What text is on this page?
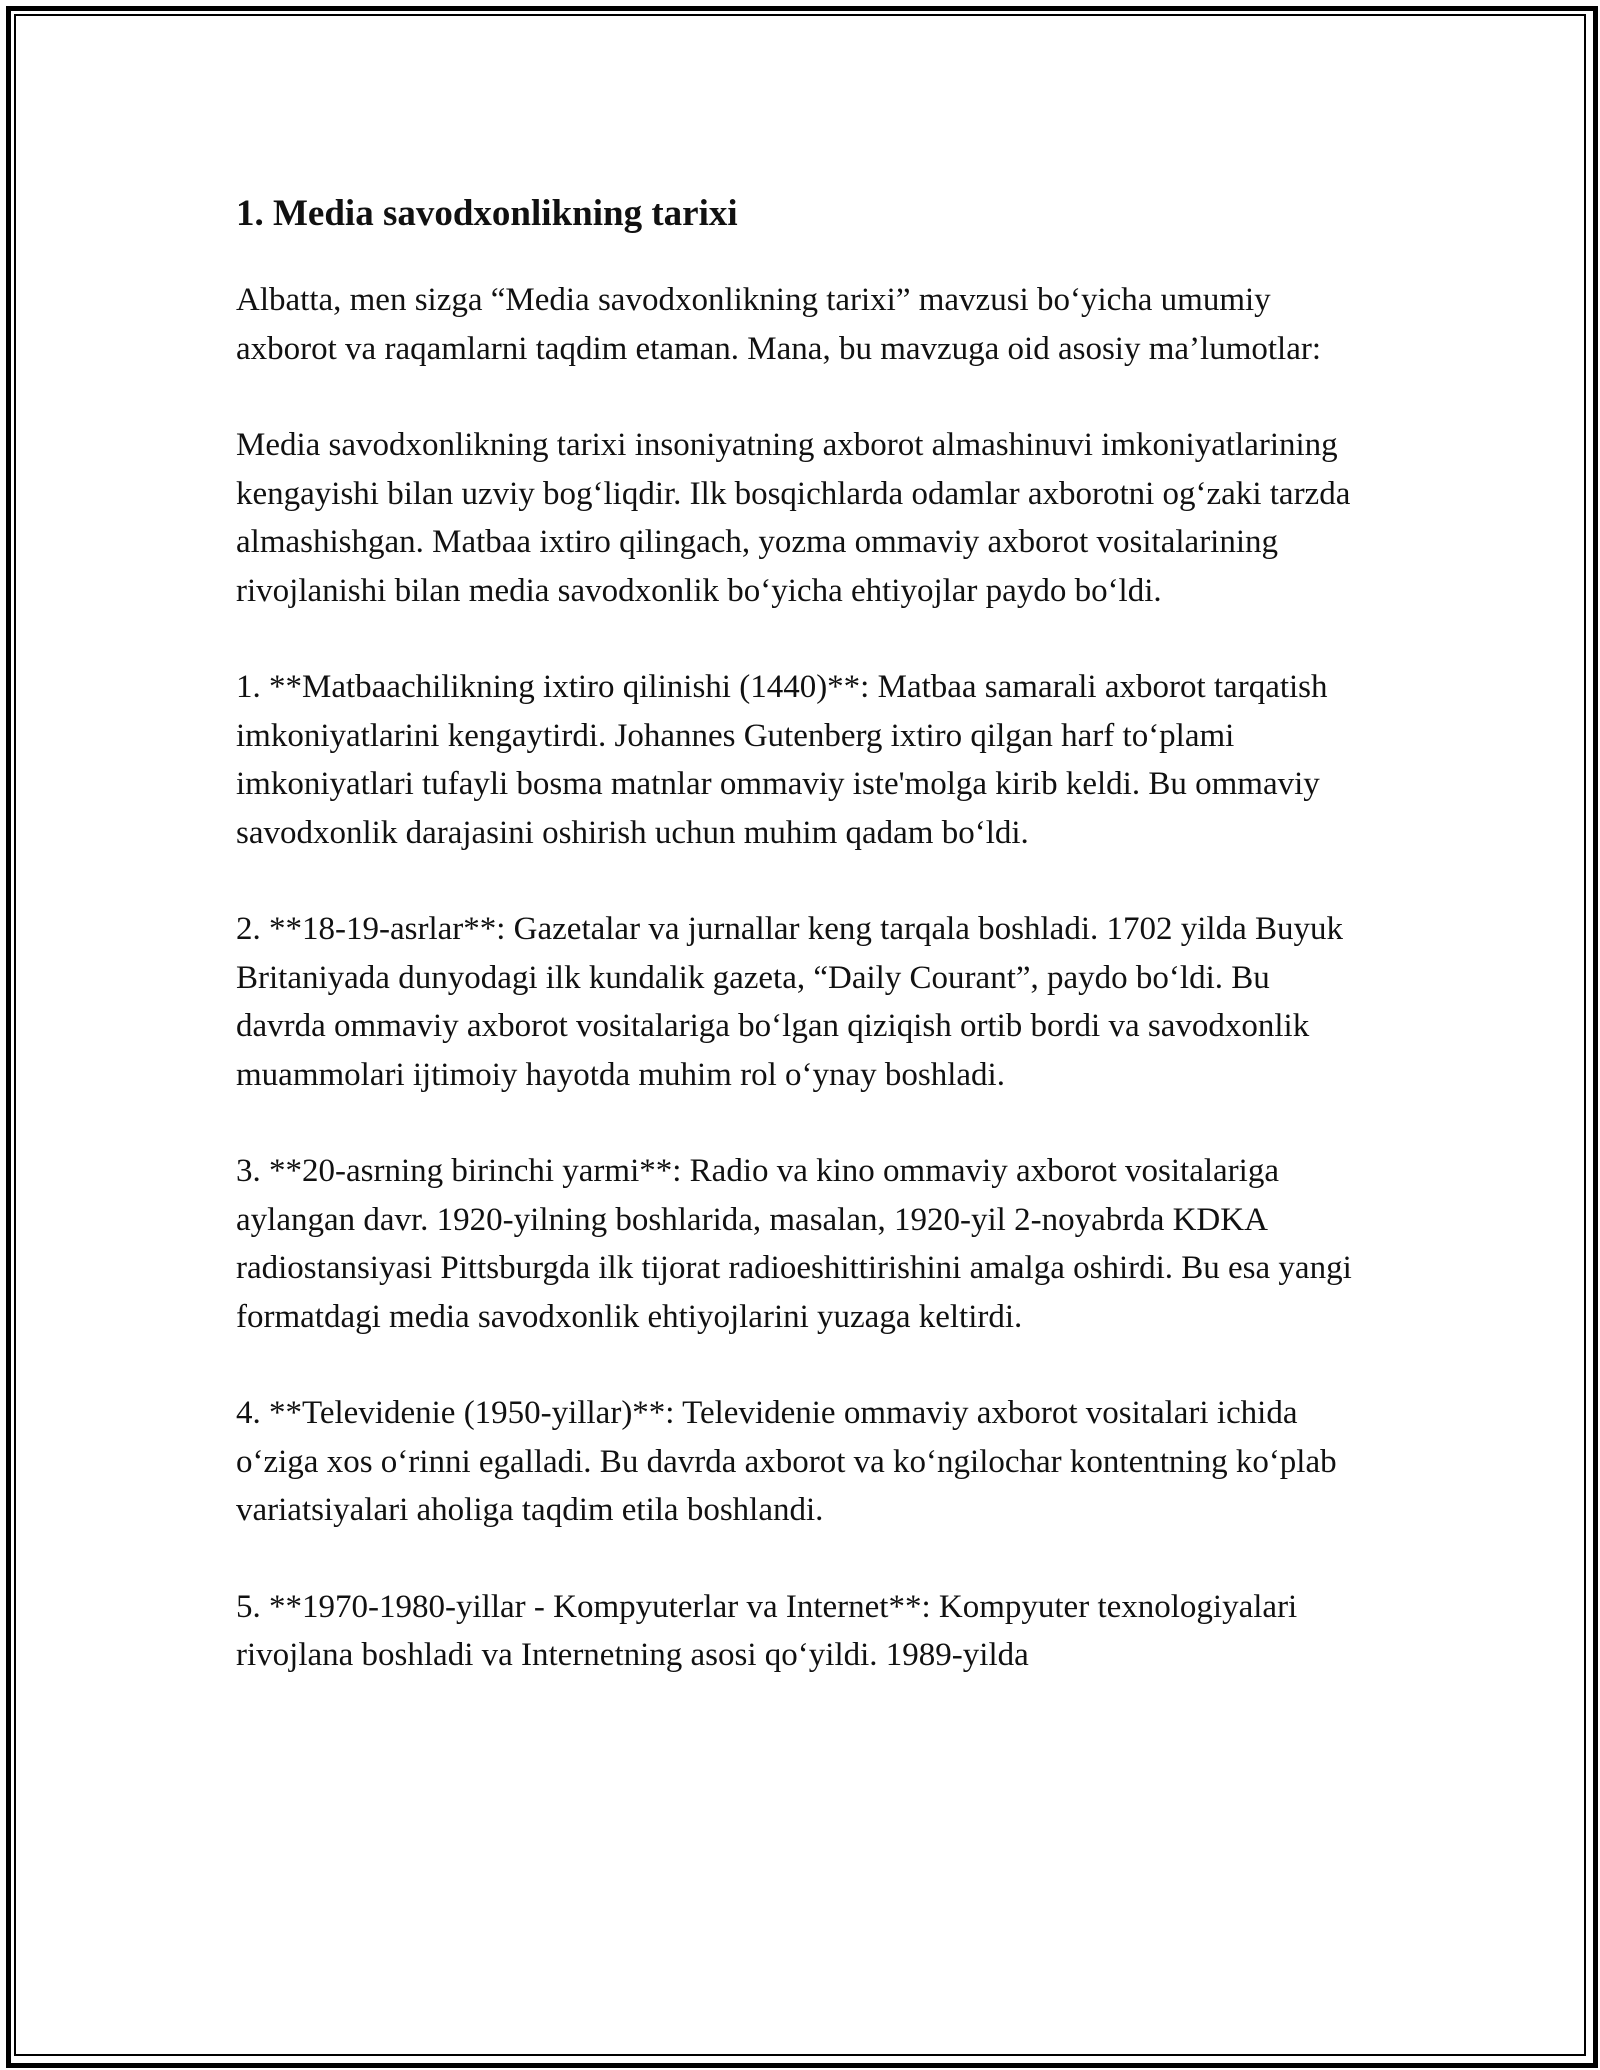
1. Media savodxonlikning tarixi

Albatta, men sizga “Media savodxonlikning tarixi” mavzusi bo‘yicha umumiy axborot va raqamlarni taqdim etaman. Mana, bu mavzuga oid asosiy ma’lumotlar:

Media savodxonlikning tarixi insoniyatning axborot almashinuvi imkoniyatlarining kengayishi bilan uzviy bog‘liqdir. Ilk bosqichlarda odamlar axborotni og‘zaki tarzda almashishgan. Matbaa ixtiro qilingach, yozma ommaviy axborot vositalarining rivojlanishi bilan media savodxonlik bo‘yicha ehtiyojlar paydo bo‘ldi.

1. **Matbaachilikning ixtiro qilinishi (1440)**: Matbaa samarali axborot tarqatish imkoniyatlarini kengaytirdi. Johannes Gutenberg ixtiro qilgan harf to‘plami imkoniyatlari tufayli bosma matnlar ommaviy iste'molga kirib keldi. Bu ommaviy savodxonlik darajasini oshirish uchun muhim qadam bo‘ldi.

2. **18-19-asrlar**: Gazetalar va jurnallar keng tarqala boshladi. 1702 yilda Buyuk Britaniyada dunyodagi ilk kundalik gazeta, “Daily Courant”, paydo bo‘ldi. Bu davrda ommaviy axborot vositalariga bo‘lgan qiziqish ortib bordi va savodxonlik muammolari ijtimoiy hayotda muhim rol o‘ynay boshladi.

3. **20-asrning birinchi yarmi**: Radio va kino ommaviy axborot vositalariga aylangan davr. 1920-yilning boshlarida, masalan, 1920-yil 2-noyabrda KDKA radiostansiyasi Pittsburgda ilk tijorat radioeshittirishini amalga oshirdi. Bu esa yangi formatdagi media savodxonlik ehtiyojlarini yuzaga keltirdi.

4. **Televidenie (1950-yillar)**: Televidenie ommaviy axborot vositalari ichida o‘ziga xos o‘rinni egalladi. Bu davrda axborot va ko‘ngilochar kontentning ko‘plab variatsiyalari aholiga taqdim etila boshlandi.

5. **1970-1980-yillar - Kompyuterlar va Internet**: Kompyuter texnologiyalari rivojlana boshladi va Internetning asosi qo‘yildi. 1989-yilda
